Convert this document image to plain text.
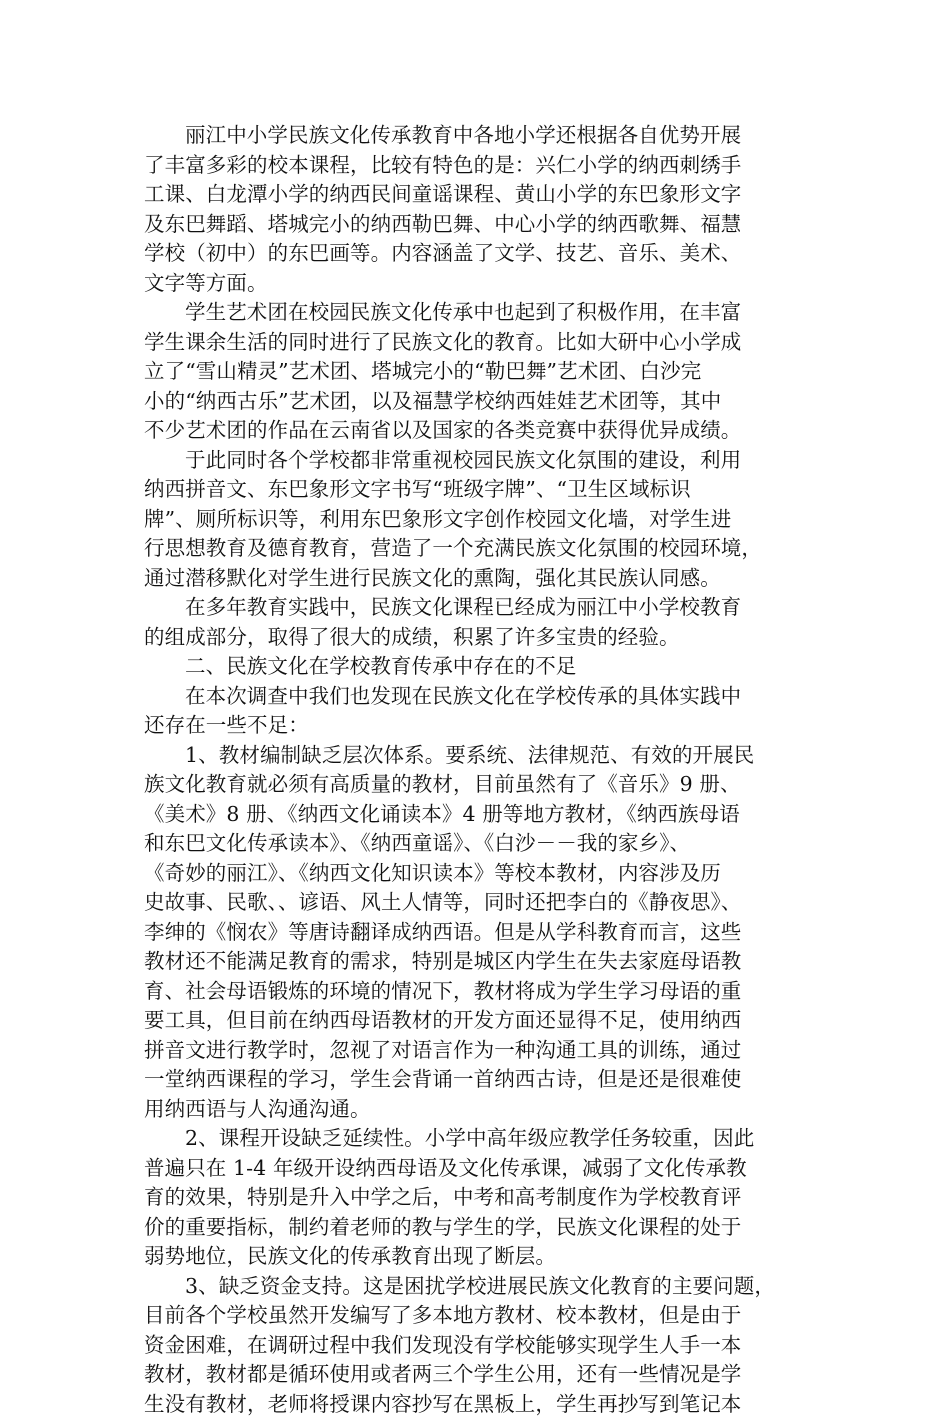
丽江中小学民族文化传承教育中各地小学还根据各自优势开展
了丰富多彩的校本课程，比较有特色的是：兴仁小学的纳西刺绣手
工课、白龙潭小学的纳西民间童谣课程、黄山小学的东巴象形文字
及东巴舞蹈、塔城完小的纳西勒巴舞、中心小学的纳西歌舞、福慧
学校（初中）的东巴画等。内容涵盖了文学、技艺、音乐、美术、
文字等方面。
学生艺术团在校园民族文化传承中也起到了积极作用，在丰富
学生课余生活的同时进行了民族文化的教育。比如大研中心小学成
立了“雪山精灵”艺术团、塔城完小的“勒巴舞”艺术团、白沙完
小的“纳西古乐”艺术团，以及福慧学校纳西娃娃艺术团等，其中
不少艺术团的作品在云南省以及国家的各类竞赛中获得优异成绩。
于此同时各个学校都非常重视校园民族文化氛围的建设，利用
纳西拼音文、东巴象形文字书写“班级字牌”、“卫生区域标识
牌”、厕所标识等，利用东巴象形文字创作校园文化墙，对学生进
行思想教育及德育教育，营造了一个充满民族文化氛围的校园环境，
通过潜移默化对学生进行民族文化的熏陶，强化其民族认同感。
在多年教育实践中，民族文化课程已经成为丽江中小学校教育
的组成部分，取得了很大的成绩，积累了许多宝贵的经验。
二、民族文化在学校教育传承中存在的不足
在本次调查中我们也发现在民族文化在学校传承的具体实践中
还存在一些不足：
1、教材编制缺乏层次体系。要系统、法律规范、有效的开展民
族文化教育就必须有高质量的教材，目前虽然有了《音乐》9 册、
《美术》8 册、《纳西文化诵读本》4 册等地方教材，《纳西族母语
和东巴文化传承读本》、《纳西童谣》、《白沙－－我的家乡》、
《奇妙的丽江》、《纳西文化知识读本》等校本教材，内容涉及历
史故事、民歌、、谚语、风土人情等，同时还把李白的《静夜思》、
李绅的《悯农》等唐诗翻译成纳西语。但是从学科教育而言，这些
教材还不能满足教育的需求，特别是城区内学生在失去家庭母语教
育、社会母语锻炼的环境的情况下，教材将成为学生学习母语的重
要工具，但目前在纳西母语教材的开发方面还显得不足，使用纳西
拼音文进行教学时，忽视了对语言作为一种沟通工具的训练，通过
一堂纳西课程的学习，学生会背诵一首纳西古诗，但是还是很难使
用纳西语与人沟通沟通。
2、课程开设缺乏延续性。小学中高年级应教学任务较重，因此
普遍只在 1-4 年级开设纳西母语及文化传承课，减弱了文化传承教
育的效果，特别是升入中学之后，中考和高考制度作为学校教育评
价的重要指标，制约着老师的教与学生的学，民族文化课程的处于
弱势地位，民族文化的传承教育出现了断层。
3、缺乏资金支持。这是困扰学校进展民族文化教育的主要问题，
目前各个学校虽然开发编写了多本地方教材、校本教材，但是由于
资金困难，在调研过程中我们发现没有学校能够实现学生人手一本
教材，教材都是循环使用或者两三个学生公用，还有一些情况是学
生没有教材，老师将授课内容抄写在黑板上，学生再抄写到笔记本
